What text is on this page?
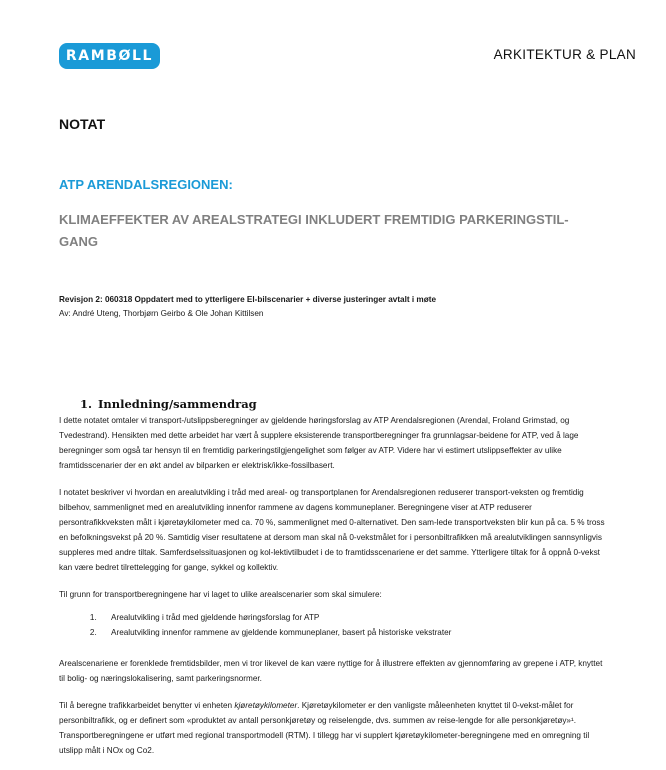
RAMBØLL	ARKITEKTUR & PLAN
NOTAT
ATP ARENDALSREGIONEN:
KLIMAEFFEKTER AV AREALSTRATEGI INKLUDERT FREMTIDIG PARKERINGSTIL-GANG
Revisjon 2: 060318 Oppdatert med to ytterligere El-bilscenarier + diverse justeringer avtalt i møte
Av: André Uteng, Thorbjørn Geirbo & Ole Johan Kittilsen
1. Innledning/sammendrag

I dette notatet omtaler vi transport-/utslippsberegninger av gjeldende høringsforslag av ATP Arendalsregionen (Arendal, Froland Grimstad, og Tvedestrand). Hensikten med dette arbeidet har vært å supplere eksisterende transportberegninger fra grunnlagsar-beidene for ATP, ved å lage beregninger som også tar hensyn til en fremtidig parkeringstilgjengelighet som følger av ATP. Videre har vi estimert utslippseffekter av ulike framtidsscenarier der en økt andel av bilparken er elektrisk/ikke-fossilbasert.

I notatet beskriver vi hvordan en arealutvikling i tråd med areal- og transportplanen for Arendalsregionen reduserer transport-veksten og fremtidig bilbehov, sammenlignet med en arealutvikling innenfor rammene av dagens kommuneplaner. Beregningene viser at ATP reduserer persontrafikkveksten målt i kjøretøykilometer med ca. 70 %, sammenlignet med 0-alternativet. Den sam-lede transportveksten blir kun på ca. 5 % tross en befolkningsvekst på 20 %. Samtidig viser resultatene at dersom man skal nå 0-vekstmålet for i personbiltrafikken må arealutviklingen sannsynligvis suppleres med andre tiltak. Samferdselssituasjonen og kol-lektivtilbudet i de to framtidsscenariene er det samme. Ytterligere tiltak for å oppnå 0-vekst kan være bedret tilrettelegging for gange, sykkel og kollektiv.

Til grunn for transportberegningene har vi laget to ulike arealscenarier som skal simulere:

1. Arealutvikling i tråd med gjeldende høringsforslag for ATP
2. Arealutvikling innenfor rammene av gjeldende kommuneplaner, basert på historiske vekstrater

Arealscenariene er forenklede fremtidsbilder, men vi tror likevel de kan være nyttige for å illustrere effekten av gjennomføring av grepene i ATP, knyttet til bolig- og næringslokalisering, samt parkeringsnormer.

Til å beregne trafikkarbeidet benytter vi enheten kjøretøykilometer. Kjøretøykilometer er den vanligste måleenheten knyttet til 0-vekst-målet for personbiltrafikk, og er definert som «produktet av antall personkjøretøy og reiselengde, dvs. summen av reise-lengde for alle personkjøretøy»¹. Transportberegningene er utført med regional transportmodell (RTM). I tillegg har vi supplert kjøretøykilometer-beregningene med en omregning til utslipp målt i NOx og Co2.
